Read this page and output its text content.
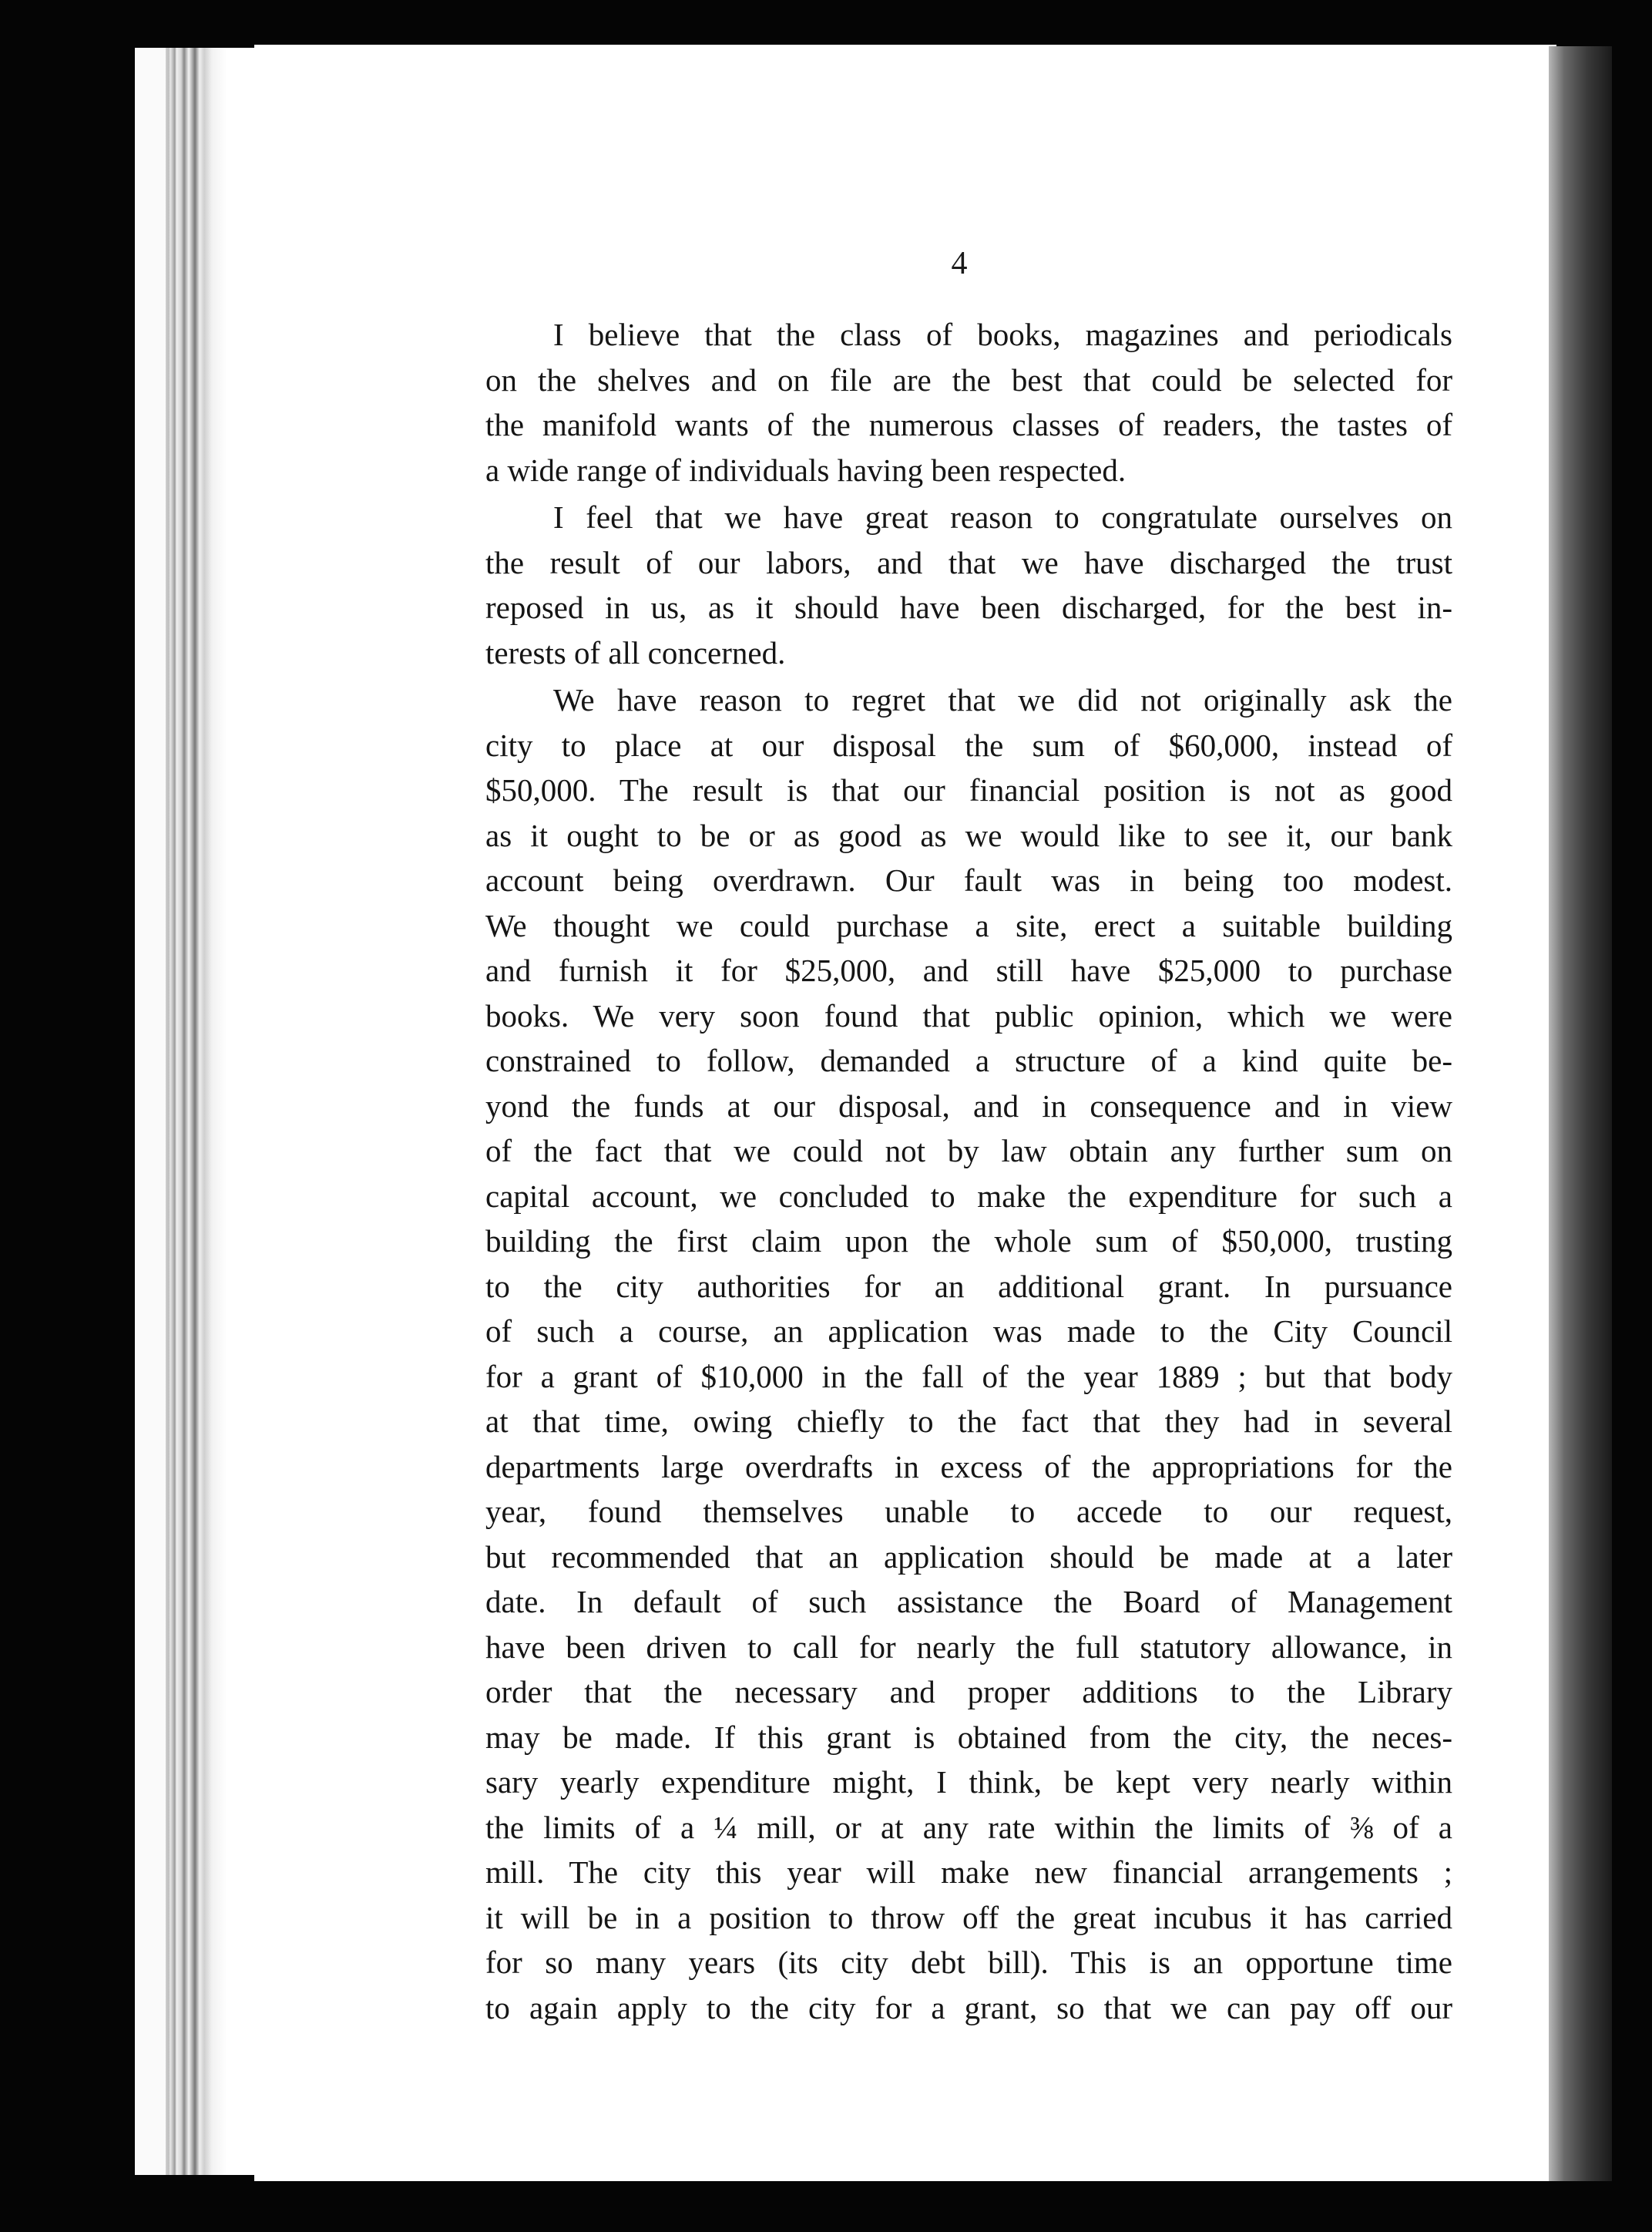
4
I believe that the class of books, magazines and periodicals
on the shelves and on file are the best that could be selected for
the manifold wants of the numerous classes of readers, the tastes of
a wide range of individuals having been respected.
I feel that we have great reason to congratulate ourselves on
the result of our labors, and that we have discharged the trust
reposed in us, as it should have been discharged, for the best in-
terests of all concerned.
We have reason to regret that we did not originally ask the
city to place at our disposal the sum of $60,000, instead of
$50,000. The result is that our financial position is not as good
as it ought to be or as good as we would like to see it, our bank
account being overdrawn. Our fault was in being too modest.
We thought we could purchase a site, erect a suitable building
and furnish it for $25,000, and still have $25,000 to purchase
books. We very soon found that public opinion, which we were
constrained to follow, demanded a structure of a kind quite be-
yond the funds at our disposal, and in consequence and in view
of the fact that we could not by law obtain any further sum on
capital account, we concluded to make the expenditure for such a
building the first claim upon the whole sum of $50,000, trusting
to the city authorities for an additional grant. In pursuance
of such a course, an application was made to the City Council
for a grant of $10,000 in the fall of the year 1889 ; but that body
at that time, owing chiefly to the fact that they had in several
departments large overdrafts in excess of the appropriations for the
year, found themselves unable to accede to our request,
but recommended that an application should be made at a later
date. In default of such assistance the Board of Management
have been driven to call for nearly the full statutory allowance, in
order that the necessary and proper additions to the Library
may be made. If this grant is obtained from the city, the neces-
sary yearly expenditure might, I think, be kept very nearly within
the limits of a ¼ mill, or at any rate within the limits of ⅜ of a
mill. The city this year will make new financial arrangements ;
it will be in a position to throw off the great incubus it has carried
for so many years (its city debt bill). This is an opportune time
to again apply to the city for a grant, so that we can pay off our
